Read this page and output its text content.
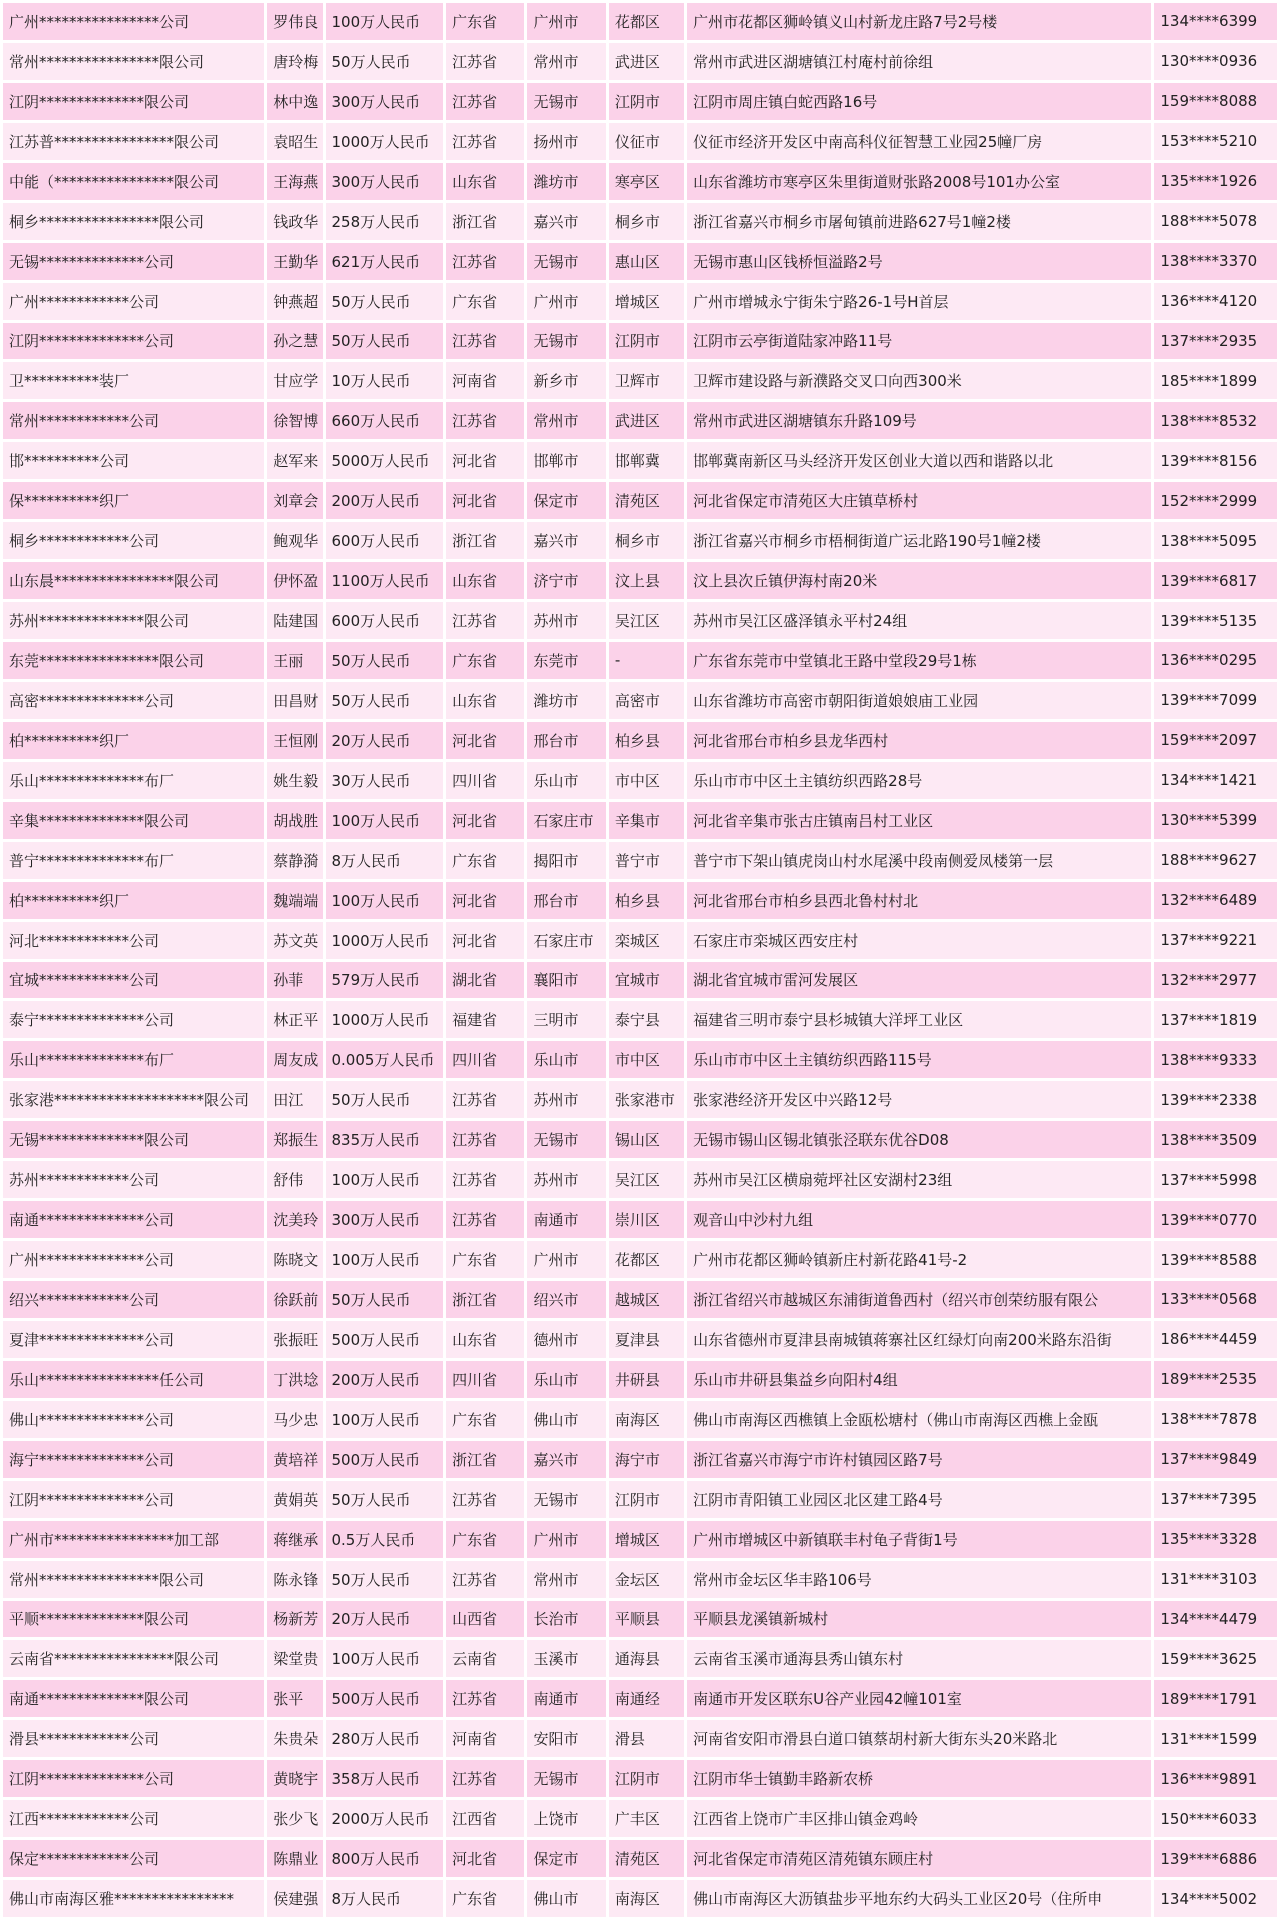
广州****************公司	罗伟良	100万人民币	广东省	广州市	花都区	广州市花都区狮岭镇义山村新龙庄路7号2号楼	134****6399
常州****************限公司	唐玲梅	50万人民币	江苏省	常州市	武进区	常州市武进区湖塘镇江村庵村前徐组	130****0936
江阴**************限公司	林中逸	300万人民币	江苏省	无锡市	江阴市	江阴市周庄镇白蛇西路16号	159****8088
江苏普****************限公司	袁昭生	1000万人民币	江苏省	扬州市	仪征市	仪征市经济开发区中南高科仪征智慧工业园25幢厂房	153****5210
中能（****************限公司	王海燕	300万人民币	山东省	潍坊市	寒亭区	山东省潍坊市寒亭区朱里街道财张路2008号101办公室	135****1926
桐乡****************限公司	钱政华	258万人民币	浙江省	嘉兴市	桐乡市	浙江省嘉兴市桐乡市屠甸镇前进路627号1幢2楼	188****5078
无锡**************公司	王勤华	621万人民币	江苏省	无锡市	惠山区	无锡市惠山区钱桥恒溢路2号	138****3370
广州************公司	钟燕超	50万人民币	广东省	广州市	增城区	广州市增城永宁街朱宁路26-1号H首层	136****4120
江阴**************公司	孙之慧	50万人民币	江苏省	无锡市	江阴市	江阴市云亭街道陆家冲路11号	137****2935
卫**********装厂	甘应学	10万人民币	河南省	新乡市	卫辉市	卫辉市建设路与新濮路交叉口向西300米	185****1899
常州************公司	徐智博	660万人民币	江苏省	常州市	武进区	常州市武进区湖塘镇东升路109号	138****8532
邯**********公司	赵军来	5000万人民币	河北省	邯郸市	邯郸冀	邯郸冀南新区马头经济开发区创业大道以西和谐路以北	139****8156
保**********织厂	刘章会	200万人民币	河北省	保定市	清苑区	河北省保定市清苑区大庄镇草桥村	152****2999
桐乡************公司	鲍观华	600万人民币	浙江省	嘉兴市	桐乡市	浙江省嘉兴市桐乡市梧桐街道广运北路190号1幢2楼	138****5095
山东晨****************限公司	伊怀盈	1100万人民币	山东省	济宁市	汶上县	汶上县次丘镇伊海村南20米	139****6817
苏州**************限公司	陆建国	600万人民币	江苏省	苏州市	吴江区	苏州市吴江区盛泽镇永平村24组	139****5135
东莞****************限公司	王丽	50万人民币	广东省	东莞市	-	广东省东莞市中堂镇北王路中堂段29号1栋	136****0295
高密**************公司	田昌财	50万人民币	山东省	潍坊市	高密市	山东省潍坊市高密市朝阳街道娘娘庙工业园	139****7099
柏**********织厂	王恒刚	20万人民币	河北省	邢台市	柏乡县	河北省邢台市柏乡县龙华西村	159****2097
乐山**************布厂	姚生毅	30万人民币	四川省	乐山市	市中区	乐山市市中区土主镇纺织西路28号	134****1421
辛集**************限公司	胡战胜	100万人民币	河北省	石家庄市	辛集市	河北省辛集市张古庄镇南吕村工业区	130****5399
普宁**************布厂	蔡静漪	8万人民币	广东省	揭阳市	普宁市	普宁市下架山镇虎岗山村水尾溪中段南侧爱凤楼第一层	188****9627
柏**********织厂	魏端端	100万人民币	河北省	邢台市	柏乡县	河北省邢台市柏乡县西北鲁村村北	132****6489
河北************公司	苏文英	1000万人民币	河北省	石家庄市	栾城区	石家庄市栾城区西安庄村	137****9221
宜城************公司	孙菲	579万人民币	湖北省	襄阳市	宜城市	湖北省宜城市雷河发展区	132****2977
泰宁**************公司	林正平	1000万人民币	福建省	三明市	泰宁县	福建省三明市泰宁县杉城镇大洋坪工业区	137****1819
乐山**************布厂	周友成	0.005万人民币	四川省	乐山市	市中区	乐山市市中区土主镇纺织西路115号	138****9333
张家港********************限公司	田江	50万人民币	江苏省	苏州市	张家港市	张家港经济开发区中兴路12号	139****2338
无锡**************限公司	郑振生	835万人民币	江苏省	无锡市	锡山区	无锡市锡山区锡北镇张泾联东优谷D08	138****3509
苏州************公司	舒伟	100万人民币	江苏省	苏州市	吴江区	苏州市吴江区横扇菀坪社区安湖村23组	137****5998
南通**************公司	沈美玲	300万人民币	江苏省	南通市	崇川区	观音山中沙村九组	139****0770
广州**************公司	陈晓文	100万人民币	广东省	广州市	花都区	广州市花都区狮岭镇新庄村新花路41号-2	139****8588
绍兴************公司	徐跃前	50万人民币	浙江省	绍兴市	越城区	浙江省绍兴市越城区东浦街道鲁西村（绍兴市创荣纺服有限公	133****0568
夏津**************公司	张振旺	500万人民币	山东省	德州市	夏津县	山东省德州市夏津县南城镇蒋寨社区红绿灯向南200米路东沿街	186****4459
乐山****************任公司	丁洪埝	200万人民币	四川省	乐山市	井研县	乐山市井研县集益乡向阳村4组	189****2535
佛山**************公司	马少忠	100万人民币	广东省	佛山市	南海区	佛山市南海区西樵镇上金瓯松塘村（佛山市南海区西樵上金瓯	138****7878
海宁**************公司	黄培祥	500万人民币	浙江省	嘉兴市	海宁市	浙江省嘉兴市海宁市许村镇园区路7号	137****9849
江阴**************公司	黄娟英	50万人民币	江苏省	无锡市	江阴市	江阴市青阳镇工业园区北区建工路4号	137****7395
广州市****************加工部	蒋继承	0.5万人民币	广东省	广州市	增城区	广州市增城区中新镇联丰村龟子背街1号	135****3328
常州****************限公司	陈永锋	50万人民币	江苏省	常州市	金坛区	常州市金坛区华丰路106号	131****3103
平顺**************限公司	杨新芳	20万人民币	山西省	长治市	平顺县	平顺县龙溪镇新城村	134****4479
云南省****************限公司	梁堂贵	100万人民币	云南省	玉溪市	通海县	云南省玉溪市通海县秀山镇东村	159****3625
南通**************限公司	张平	500万人民币	江苏省	南通市	南通经	南通市开发区联东U谷产业园42幢101室	189****1791
滑县************公司	朱贵朵	280万人民币	河南省	安阳市	滑县	河南省安阳市滑县白道口镇蔡胡村新大街东头20米路北	131****1599
江阴**************公司	黄晓宇	358万人民币	江苏省	无锡市	江阴市	江阴市华士镇勤丰路新农桥	136****9891
江西************公司	张少飞	2000万人民币	江西省	上饶市	广丰区	江西省上饶市广丰区排山镇金鸡岭	150****6033
保定************公司	陈鼎业	800万人民币	河北省	保定市	清苑区	河北省保定市清苑区清苑镇东顾庄村	139****6886
佛山市南海区雅****************	侯建强	8万人民币	广东省	佛山市	南海区	佛山市南海区大沥镇盐步平地东约大码头工业区20号（住所申	134****5002
